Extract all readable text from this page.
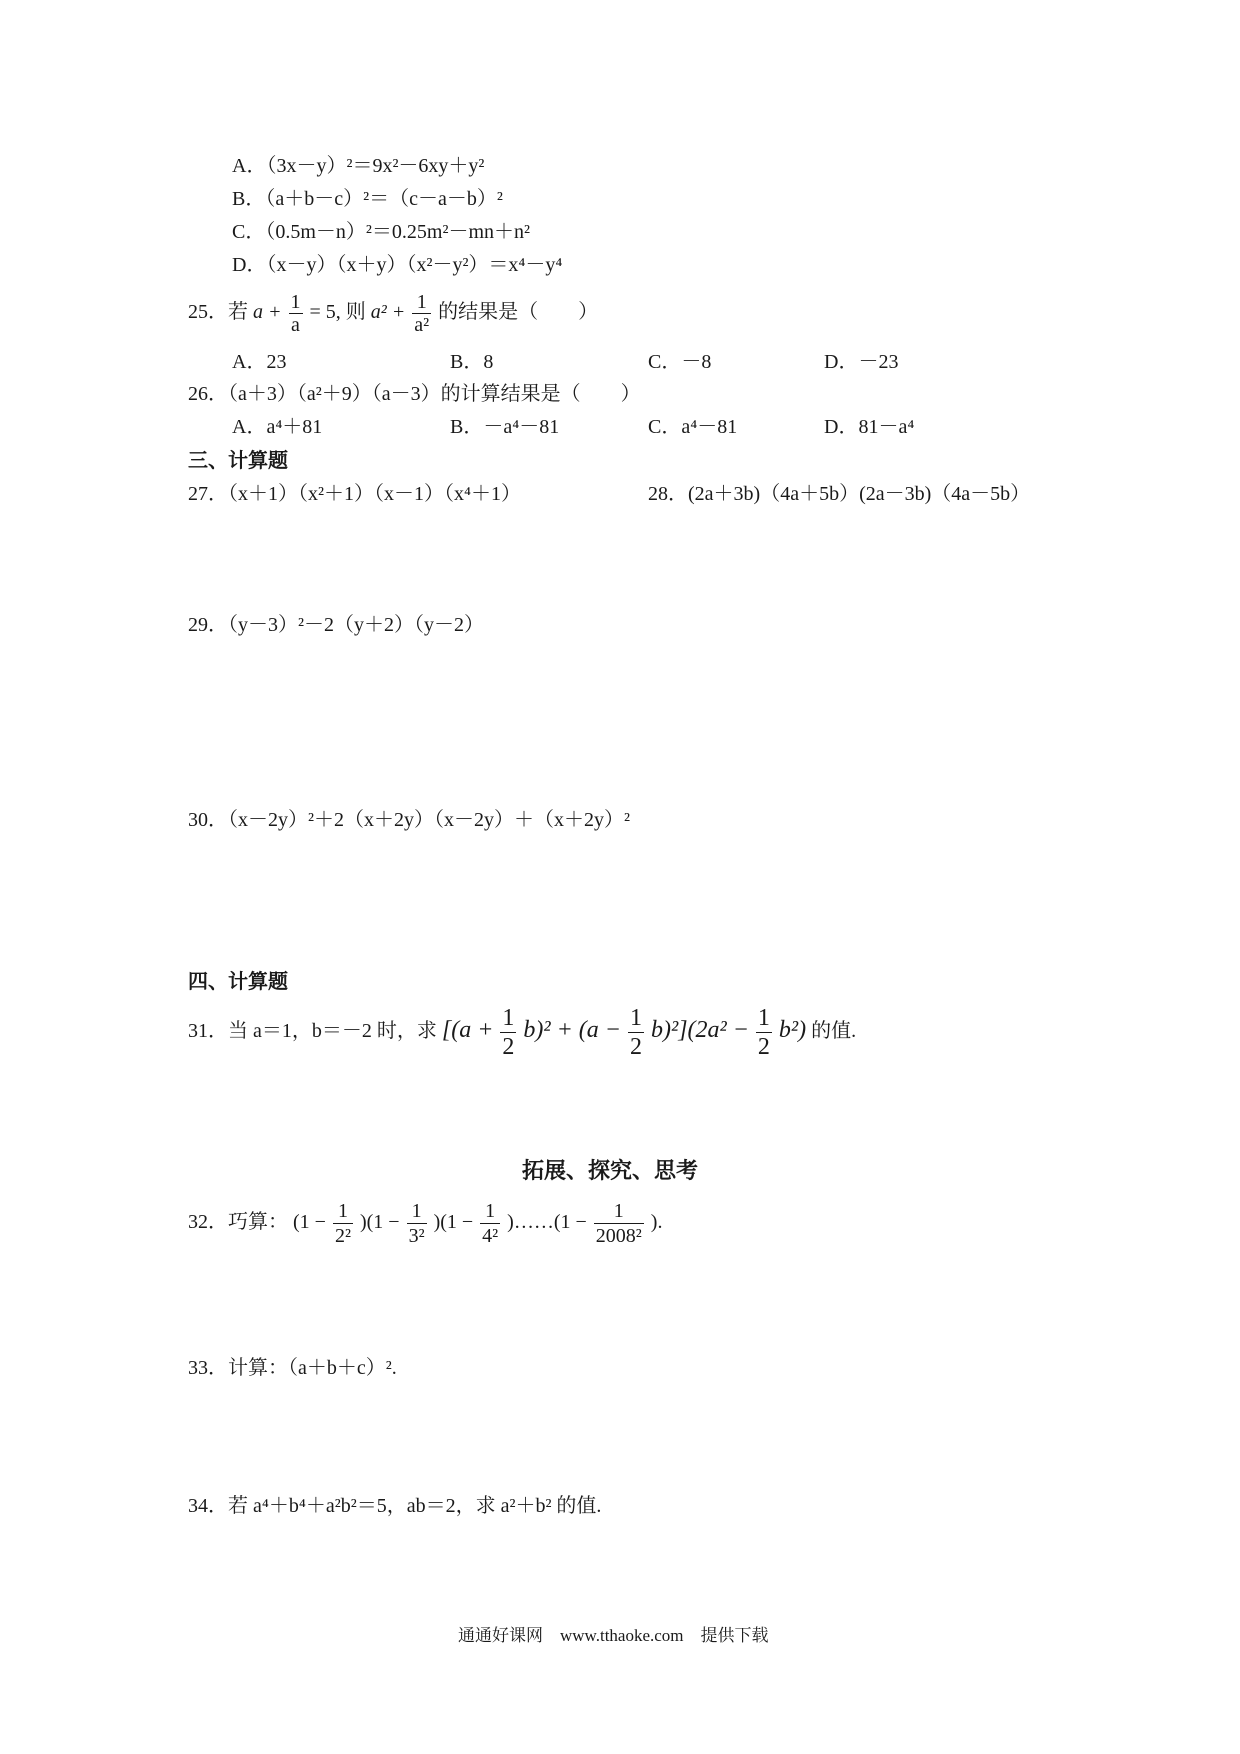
A．（3x－y）²＝9x²－6xy＋y²
B．（a＋b－c）²＝（c－a－b）²
C．（0.5m－n）²＝0.25m²－mn＋n²
D．（x－y）（x＋y）（x²－y²）＝x⁴－y⁴
25．若 $a + \frac{1}{a} = 5$, 则 $a^2 + \frac{1}{\text{a²}}$ 的结果是（　　）
A．23	B．8	C．－8	D．－23
26．（a＋3）（a²＋9）（a－3）的计算结果是（　　）
A．a⁴＋81	B．－a⁴－81	C．a⁴－81	D．81－a⁴
三、计算题
27．（x＋1）（x²＋1）（x－1）（x⁴＋1）	28．(2a＋3b)（4a＋5b）(2a－3b)（4a－5b）
29．（y－3）²－2（y＋2）（y－2）
30．（x－2y）²＋2（x＋2y）（x－2y）＋（x＋2y）²
四、计算题
31．当 a＝1，b＝－2 时，求 $[(a + \frac{1}{2} b)^2 + (a - \frac{1}{2} b)^2](2a^2 - \frac{1}{2} b^2)$ 的值.
拓展、探究、思考
32．巧算： $(1 - \frac{1}{\text{2²}} )(1 - \frac{1}{\text{3²}} )(1 - \frac{1}{\text{4²}}$ )……(1 − $\frac{1}{\text{2008²}}$ ).
33．计算：（a＋b＋c）².
34．若 a⁴＋b⁴＋a²b²＝5，ab＝2，求 a²＋b² 的值.
通通好课网　www.tthaoke.com　提供下载
